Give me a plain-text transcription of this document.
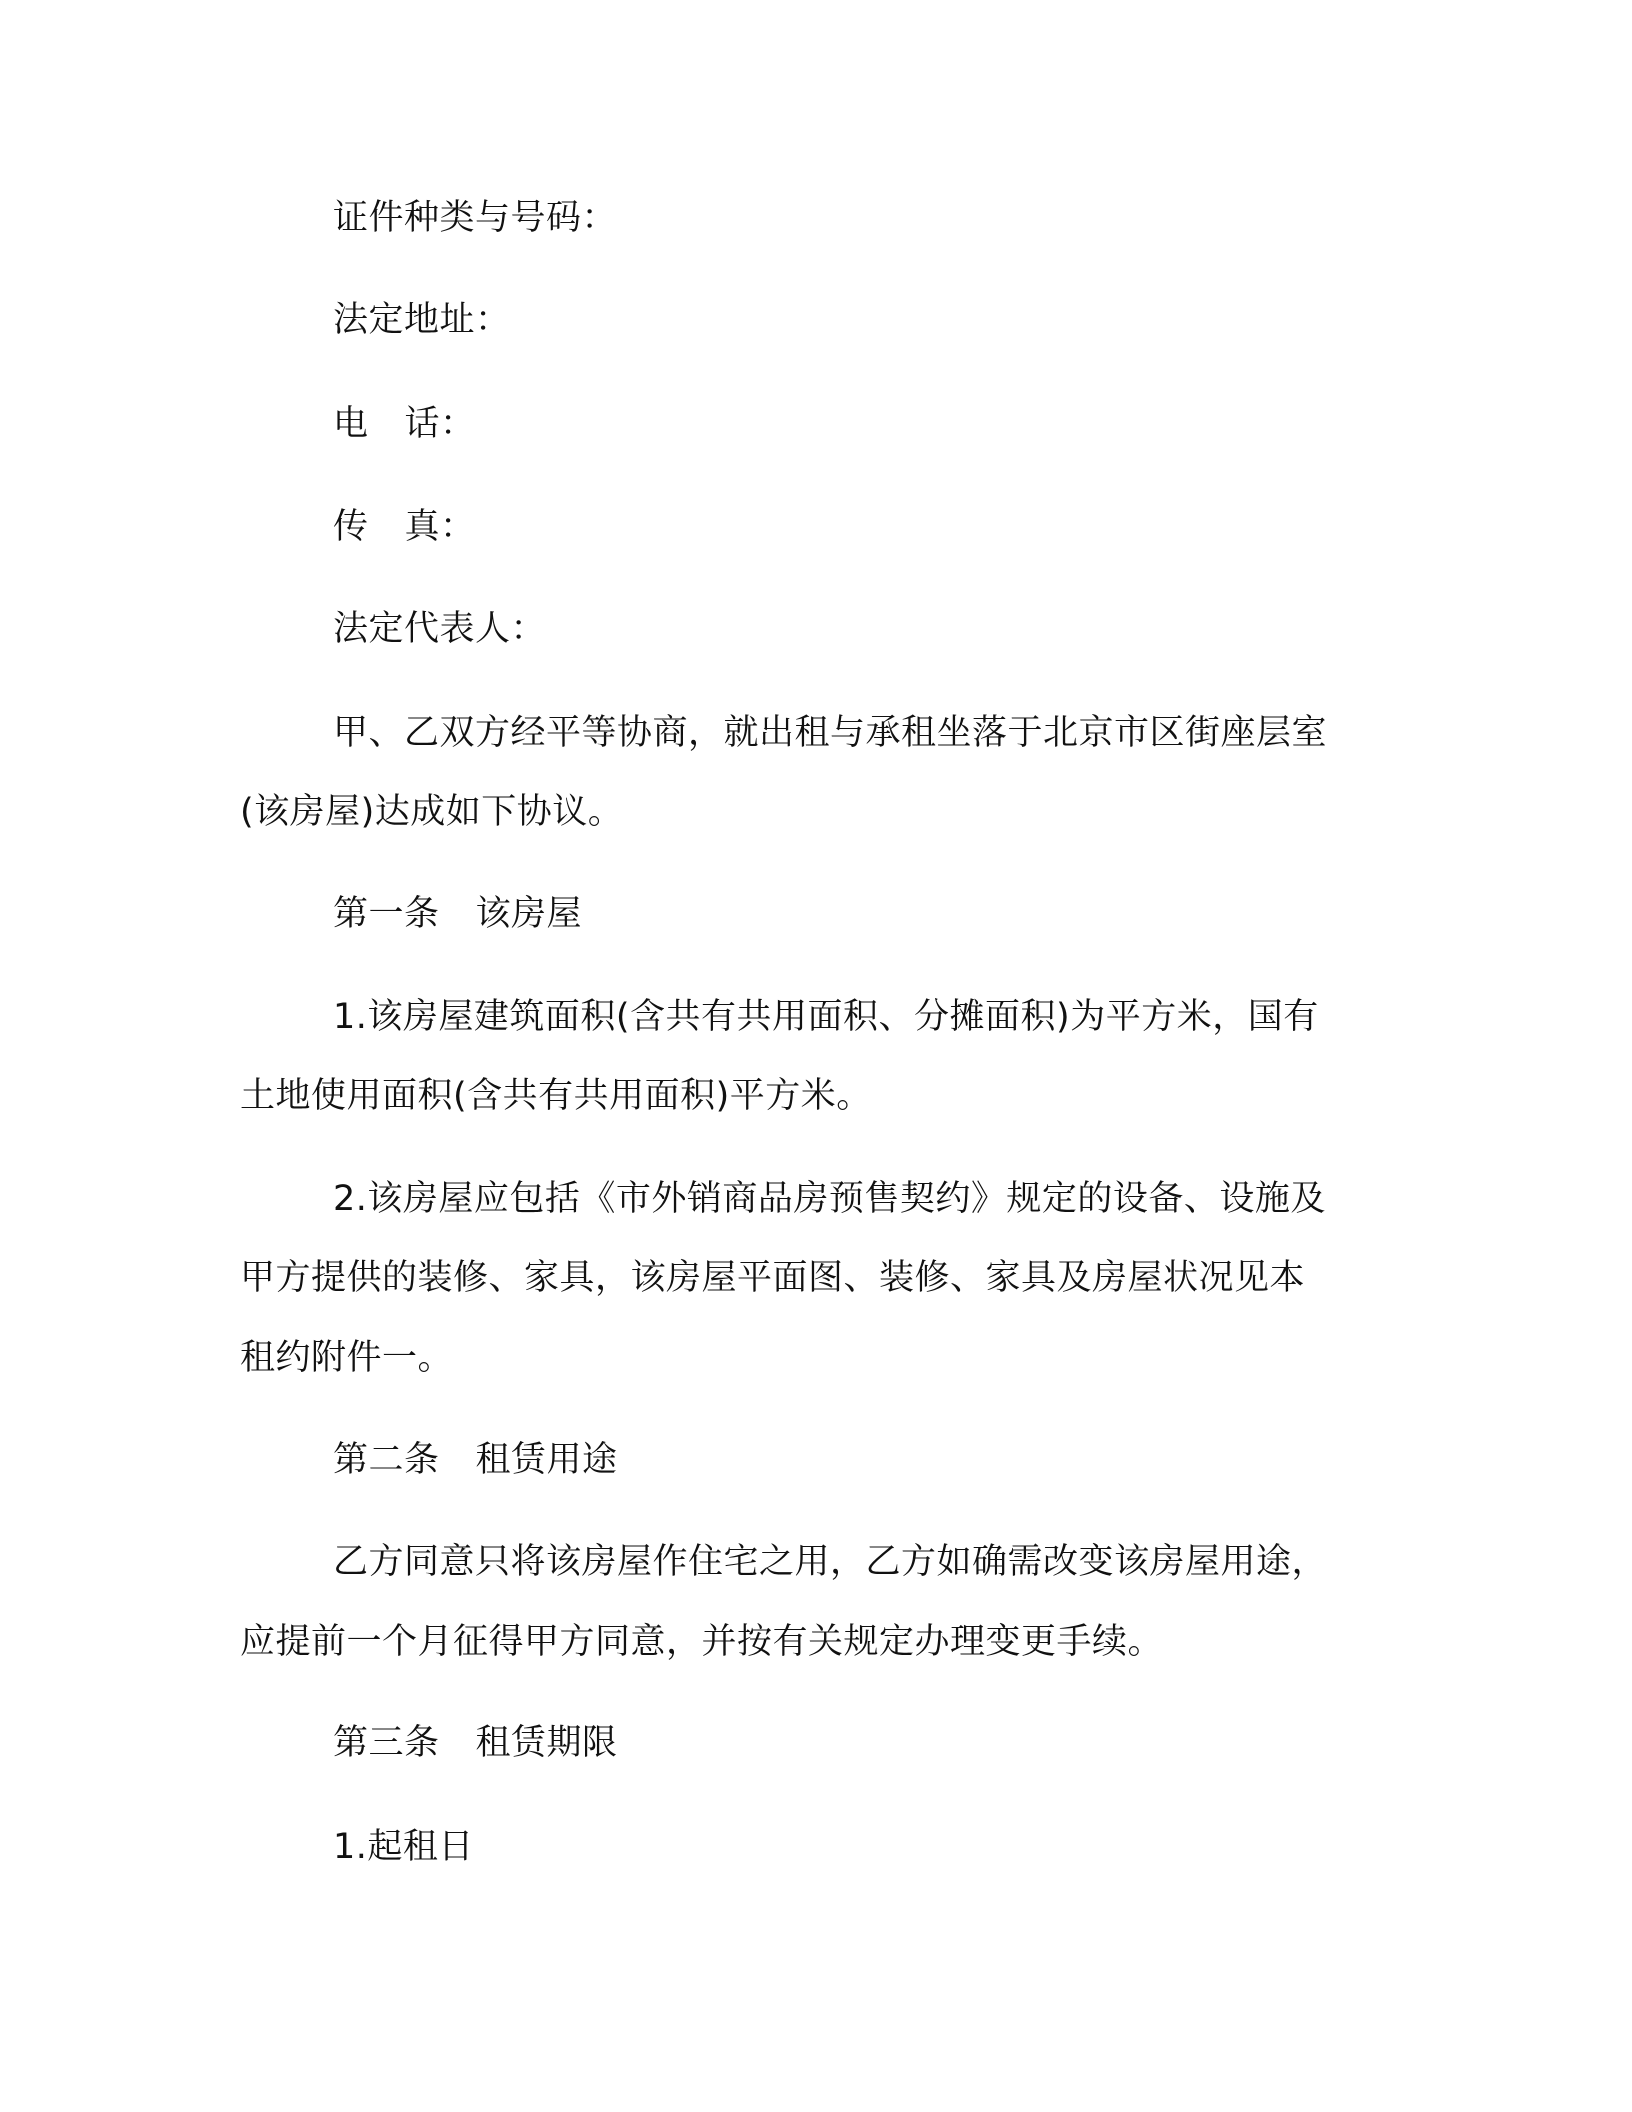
证件种类与号码：
法定地址：
电 话：
传 真：
法定代表人：
甲、乙双方经平等协商，就出租与承租坐落于北京市区街座层室
(该房屋)达成如下协议。
第一条 该房屋
1.该房屋建筑面积(含共有共用面积、分摊面积)为平方米，国有
土地使用面积(含共有共用面积)平方米。
2.该房屋应包括《市外销商品房预售契约》规定的设备、设施及
甲方提供的装修、家具，该房屋平面图、装修、家具及房屋状况见本
租约附件一。
第二条 租赁用途
乙方同意只将该房屋作住宅之用，乙方如确需改变该房屋用途，
应提前一个月征得甲方同意，并按有关规定办理变更手续。
第三条 租赁期限
1.起租日
